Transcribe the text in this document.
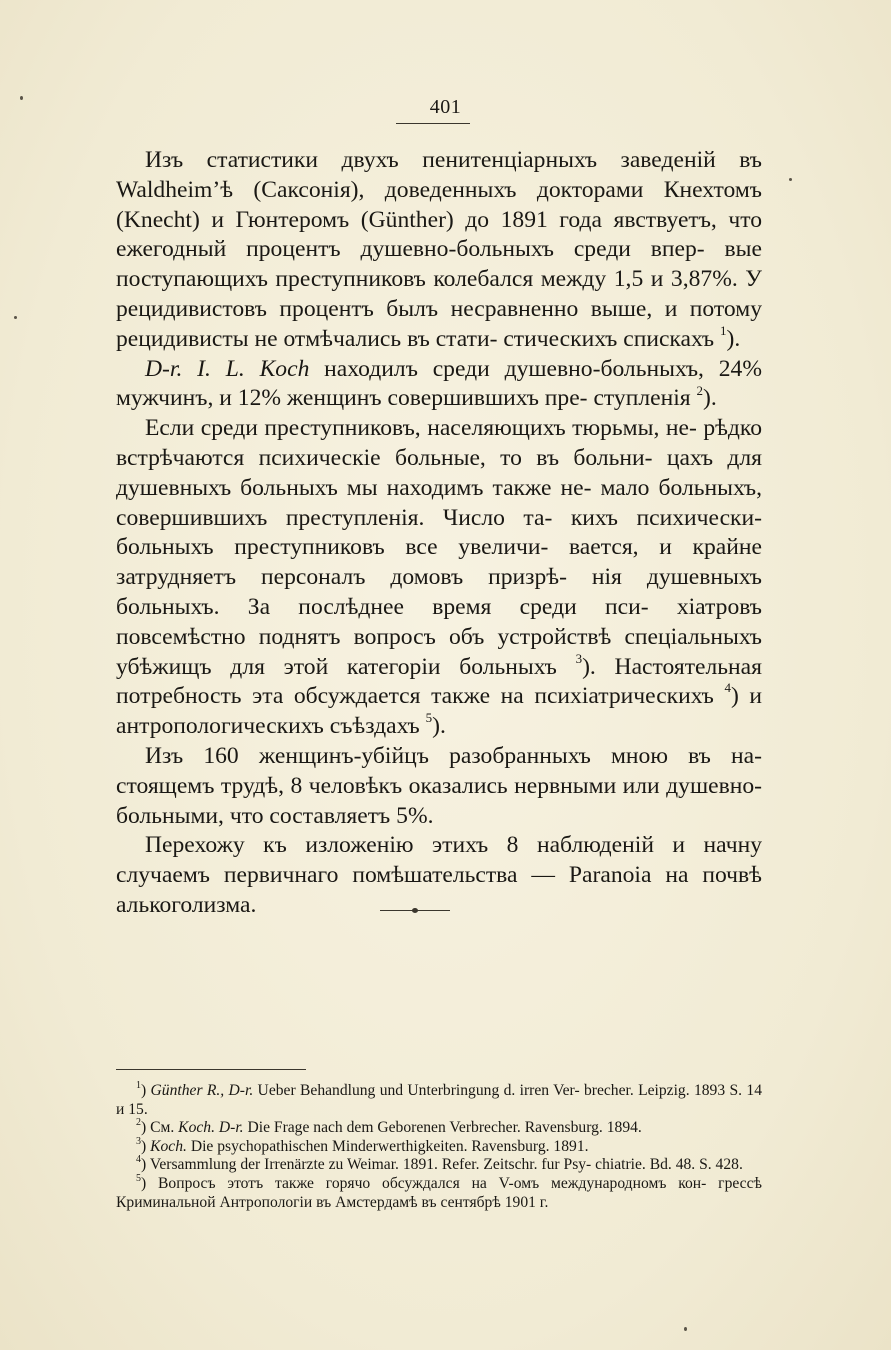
401

Изъ статистики двухъ пенитенцiарныхъ заведенiй въ Waldheim’ѣ (Саксонiя), доведенныхъ докторами Кнехтомъ (Knecht) и Гюнтеромъ (Günther) до 1891 года явствуетъ, что ежегодный процентъ душевно-больныхъ среди впер- вые поступающихъ преступниковъ колебался между 1,5 и 3,87%. У рецидивистовъ процентъ былъ несравненно выше, и потому рецидивисты не отмѣчались въ стати- стическихъ спискахъ $^1$).

D-r. I. L. Koch находилъ среди душевно-больныхъ, 24% мужчинъ, и 12% женщинъ совершившихъ пре- ступленiя $^2$).

Если среди преступниковъ, населяющихъ тюрьмы, не- рѣдко встрѣчаются психическiе больные, то въ больни- цахъ для душевныхъ больныхъ мы находимъ также не- мало больныхъ, совершившихъ преступленiя. Число та- кихъ психически-больныхъ преступниковъ все увеличи- вается, и крайне затрудняетъ персоналъ домовъ призрѣ- нiя душевныхъ больныхъ. За послѣднее время среди пси- хiатровъ повсемѣстно поднятъ вопросъ объ устройствѣ спецiальныхъ убѣжищъ для этой категорiи больныхъ $^3$). Настоятельная потребность эта обсуждается также на психiатрическихъ $^4$) и антропологическихъ съѣздахъ $^5$).

Изъ 160 женщинъ-убiйцъ разобранныхъ мною въ на- стоящемъ трудѣ, 8 человѣкъ оказались нервными или душевно-больными, что составляетъ 5%.

Перехожу къ изложенiю этихъ 8 наблюденiй и начну случаемъ первичнаго помѣшательства — Paranoia на почвѣ алькоголизма.

$^1$) Günther R., D-r. Ueber Behandlung und Unterbringung d. irren Ver- brecher. Leipzig. 1893 S. 14 и 15.

$^2$) См. Koch. D-r. Die Frage nach dem Geborenen Verbrecher. Ravensburg. 1894.

$^3$) Koch. Die psychopathischen Minderwerthigkeiten. Ravensburg. 1891.

$^4$) Versammlung der Irrenärzte zu Weimar. 1891. Refer. Zeitschr. fur Psy- chiatrie. Bd. 48. S. 428.

$^5$) Вопросъ этотъ также горячо обсуждался на V-омъ международномъ кон- грессѣ Криминальной Антропологiи въ Амстердамѣ въ сентябрѣ 1901 г.
